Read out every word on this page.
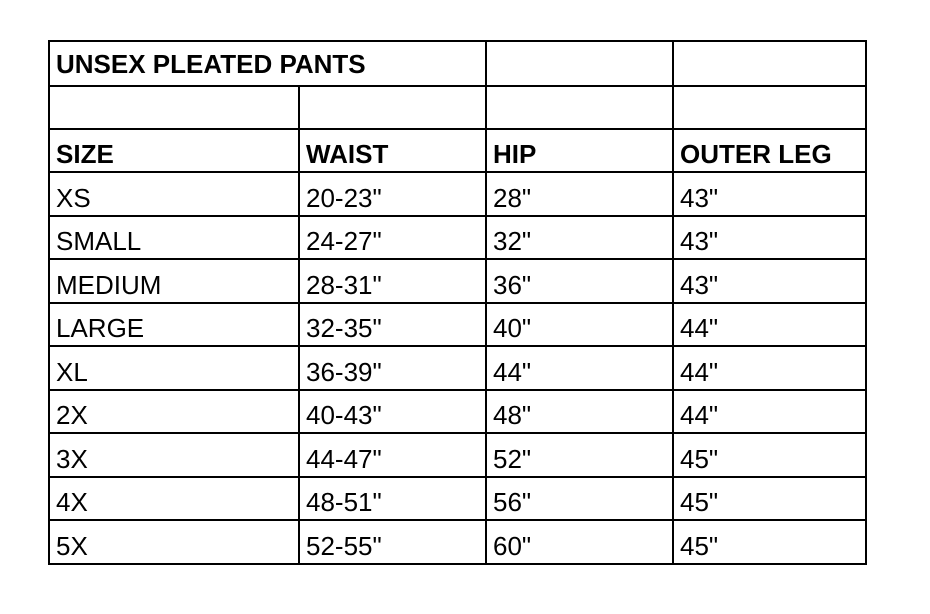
UNSEX PLEATED PANTS			

SIZE	WAIST	HIP	OUTER LEG
XS	20-23"	28"	43"
SMALL	24-27"	32"	43"
MEDIUM	28-31"	36"	43"
LARGE	32-35"	40"	44"
XL	36-39"	44"	44"
2X	40-43"	48"	44"
3X	44-47"	52"	45"
4X	48-51"	56"	45"
5X	52-55"	60"	45"
